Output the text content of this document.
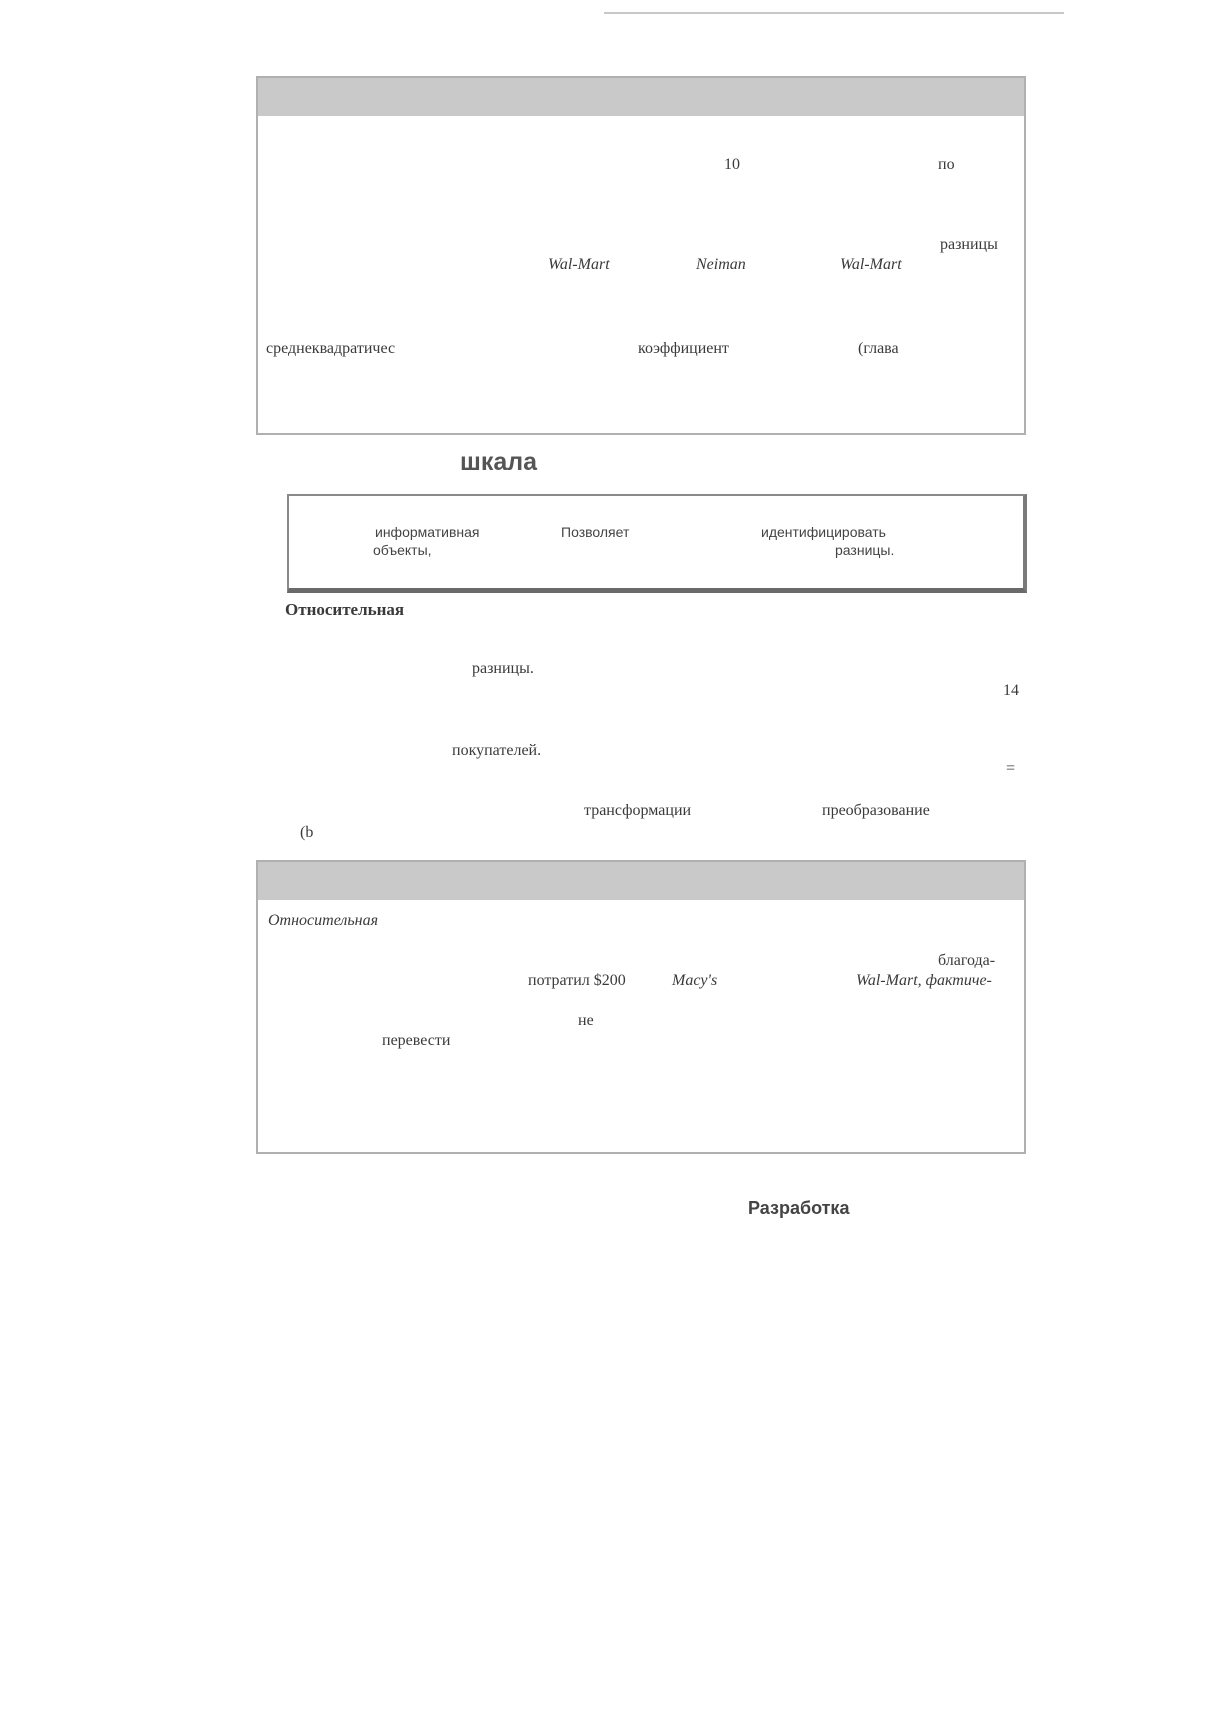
10	по
разницы
Wal-Mart	Neiman	Wal-Mart
среднеквадратичес	коэффициент	(глава
шкала
информативная	Позволяет	идентифицировать
объекты,	разницы.
Относительная
разницы.
14
покупателей.
=
трансформации	преобразование
(b
Относительная
благода-
потратил $200	Macy's	Wal-Mart, фактиче-
не
перевести
Разработка
